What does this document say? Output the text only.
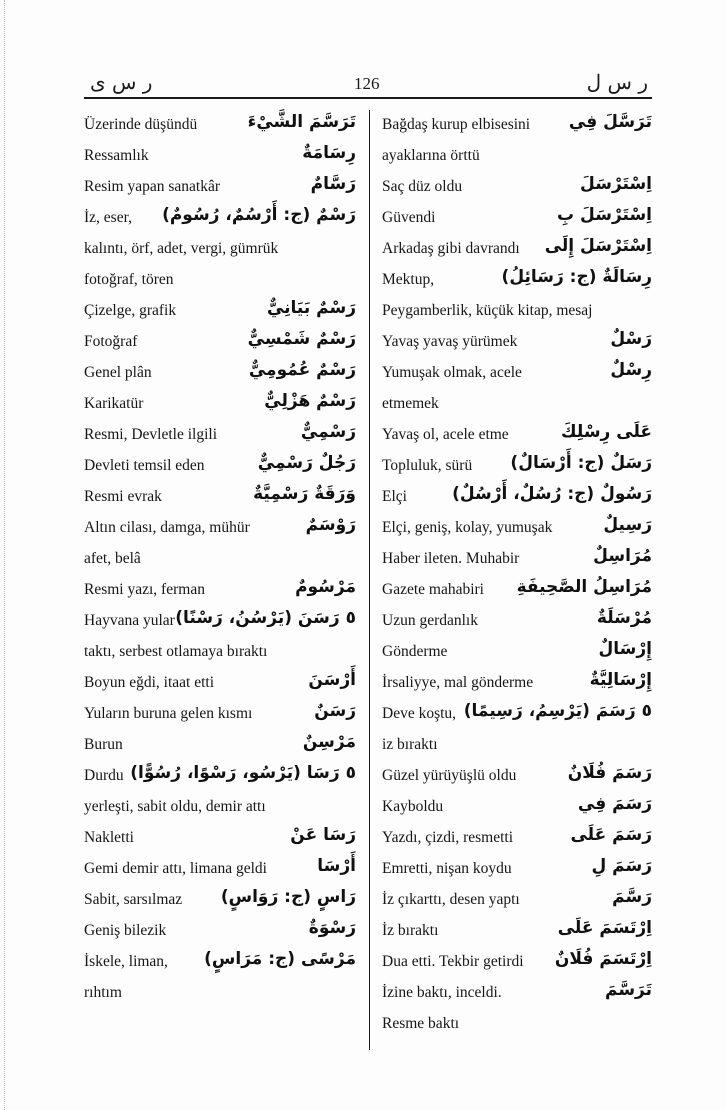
ر س ى	126	ر س ل
Üzerinde düşündü	تَرَسَّمَ الشَّيْءَ
Ressamlık	رِسَامَةٌ
Resim yapan sanatkâr	رَسَّامٌ
İz, eser, رَسْمٌ (ج: أَرْسُمٌ، رُسُومٌ)
kalıntı, örf, adet, vergi, gümrük
fotoğraf, tören
Çizelge, grafik	رَسْمٌ بَيَانِيٌّ
Fotoğraf	رَسْمٌ شَمْسِيٌّ
Genel plân	رَسْمٌ عُمُومِيٌّ
Karikatür	رَسْمٌ هَزْلِيٌّ
Resmi, Devletle ilgili	رَسْمِيٌّ
Devleti temsil eden	رَجُلٌ رَسْمِيٌّ
Resmi evrak	وَرَقَةٌ رَسْمِيَّةٌ
Altın cilası, damga, mühür	رَوْسَمٌ
afet, belâ
Resmi yazı, ferman	مَرْسُومٌ
Hayvana yular ٥ رَسَنَ (يَرْسُنُ، رَسْنًا)
taktı, serbest otlamaya bıraktı
Boyun eğdi, itaat etti	أَرْسَنَ
Yuların buruna gelen kısmı	رَسَنٌ
Burun	مَرْسِنٌ
Durdu ٥ رَسَا (يَرْسُو، رَسْوًا، رُسُوًّا)
yerleşti, sabit oldu, demir attı
Nakletti	رَسَا عَنْ
Gemi demir attı, limana geldi	أَرْسَا
Sabit, sarsılmaz رَاسٍ (ج: رَوَاسٍ)
Geniş bilezik	رَسْوَةٌ
İskele, liman, مَرْسًى (ج: مَرَاسٍ)
rıhtım
Bağdaş kurup elbisesini تَرَسَّلَ فِي
ayaklarına örttü
Saç düz oldu	اِسْتَرْسَلَ
Güvendi	اِسْتَرْسَلَ بِ
Arkadaş gibi davrandı اِسْتَرْسَلَ إِلَى
Mektup,	رِسَالَةٌ (ج: رَسَائِلُ)
Peygamberlik, küçük kitap, mesaj
Yavaş yavaş yürümek	رَسْلٌ
Yumuşak olmak, acele	رِسْلٌ
etmemek
Yavaş ol, acele etme	عَلَى رِسْلِكَ
Topluluk, sürü رَسَلٌ (ج: أَرْسَالٌ)
Elçi	رَسُولٌ (ج: رُسُلٌ، أَرْسُلٌ)
Elçi, geniş, kolay, yumuşak	رَسِيلٌ
Haber ileten. Muhabir	مُرَاسِلٌ
Gazete mahabiri مُرَاسِلُ الصَّحِيفَةِ
Uzun gerdanlık	مُرْسَلَةٌ
Gönderme	إِرْسَالٌ
İrsaliyye, mal gönderme	إِرْسَالِيَّةٌ
Deve koştu, ٥ رَسَمَ (يَرْسِمُ، رَسِيمًا)
iz bıraktı
Güzel yürüyüşlü oldu	رَسَمَ فُلَانٌ
Kayboldu	رَسَمَ فِي
Yazdı, çizdi, resmetti	رَسَمَ عَلَى
Emretti, nişan koydu	رَسَمَ لِ
İz çıkarttı, desen yaptı	رَسَّمَ
İz bıraktı	اِرْتَسَمَ عَلَى
Dua etti. Tekbir getirdi اِرْتَسَمَ فُلَانٌ
İzine baktı, inceldi.	تَرَسَّمَ
Resme baktı
